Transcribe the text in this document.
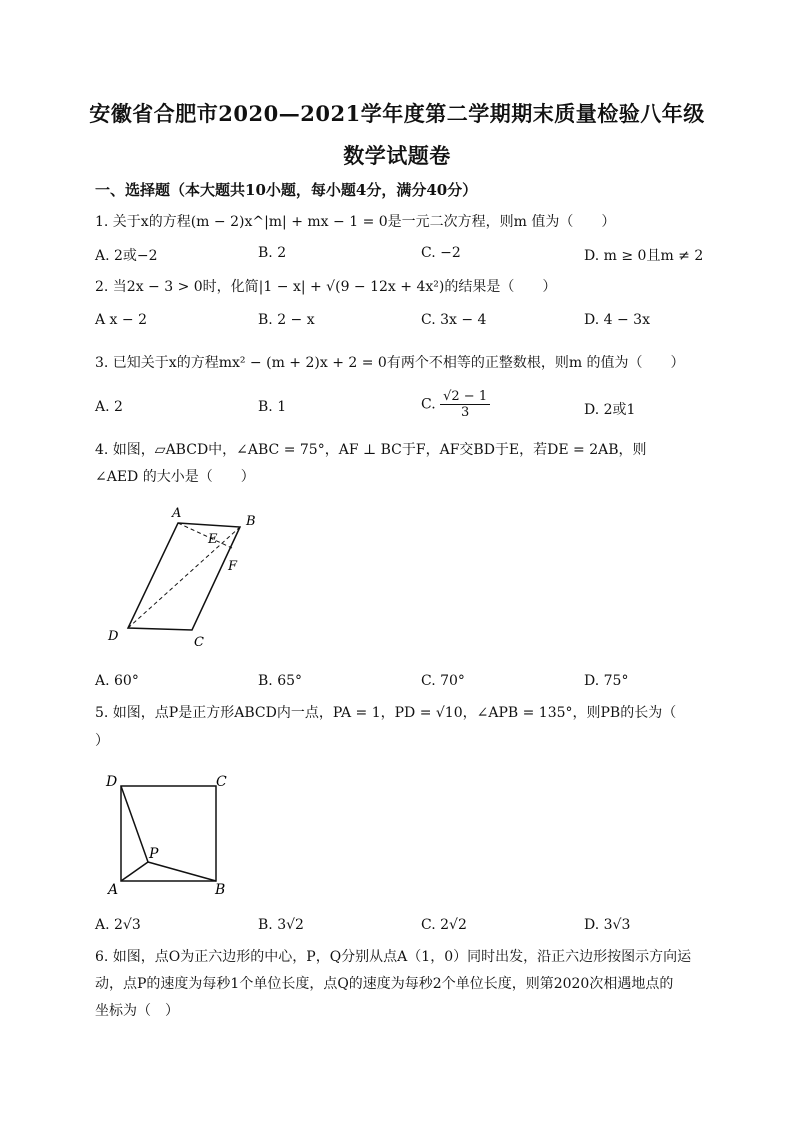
安徽省合肥市2020—2021学年度第二学期期末质量检验八年级
数学试题卷
一、选择题（本大题共10小题，每小题4分，满分40分）
1. 关于x的方程(m − 2)x^|m| + mx − 1 = 0是一元二次方程，则m 值为（　　）
A. 2或−2	B. 2	C. −2	D. m ≥ 0且m ≠ 2
2. 当2x − 3 > 0时，化简|1 − x| + √(9 − 12x + 4x²)的结果是（　　）
A x − 2	B. 2 − x	C. 3x − 4	D. 4 − 3x
3. 已知关于x的方程mx² − (m + 2)x + 2 = 0有两个不相等的正整数根，则m 的值为（　　）
A. 2	B. 1	C. $\frac{√2 - 1}{3}$	D. 2或1
4. 如图，▱ABCD中，∠ABC = 75°，AF ⊥ BC于F，AF交BD于E，若DE = 2AB，则
∠AED 的大小是（　　）
A
B
C
D
E
F
A. 60°	B. 65°	C. 70°	D. 75°
5. 如图，点P是正方形ABCD内一点，PA = 1，PD = √10，∠APB = 135°，则PB的长为（
）
D	C
A	B
P
A. 2√3	B. 3√2	C. 2√2	D. 3√3
6. 如图，点O为正六边形的中心，P，Q分别从点A（1，0）同时出发，沿正六边形按图示方向运
动，点P的速度为每秒1个单位长度，点Q的速度为每秒2个单位长度，则第2020次相遇地点的
坐标为（　）
